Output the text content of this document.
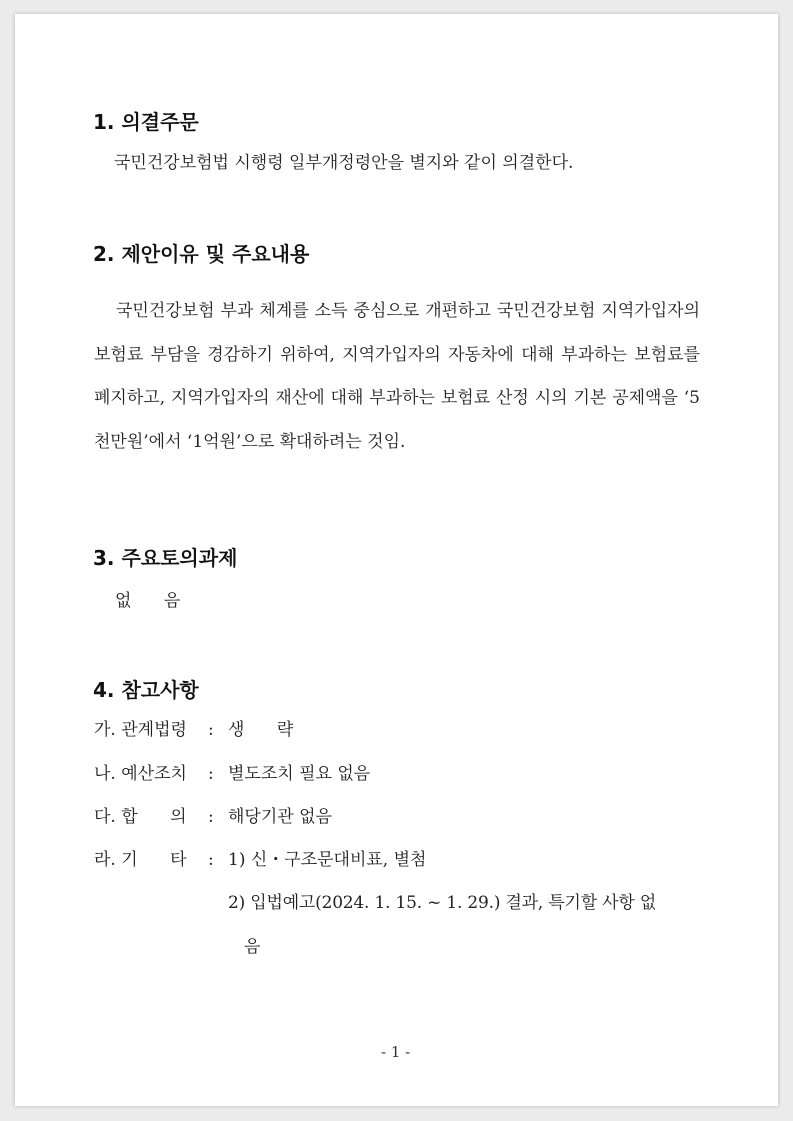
1. 의결주문
국민건강보험법 시행령 일부개정령안을 별지와 같이 의결한다.
2. 제안이유 및 주요내용
국민건강보험 부과 체계를 소득 중심으로 개편하고 국민건강보험 지역가입자의 보험료 부담을 경감하기 위하여, 지역가입자의 자동차에 대해 부과하는 보험료를 폐지하고, 지역가입자의 재산에 대해 부과하는 보험료 산정 시의 기본 공제액을 ‘5천만원’에서 ‘1억원’으로 확대하려는 것임.
3. 주요토의과제
없      음
4. 참고사항
가. 관계법령 : 생      략
나. 예산조치 : 별도조치 필요 없음
다. 합      의 : 해당기관 없음
라. 기      타 : 1) 신・구조문대비표, 별첨
2) 입법예고(2024. 1. 15. ~ 1. 29.) 결과, 특기할 사항 없
음
- 1 -
